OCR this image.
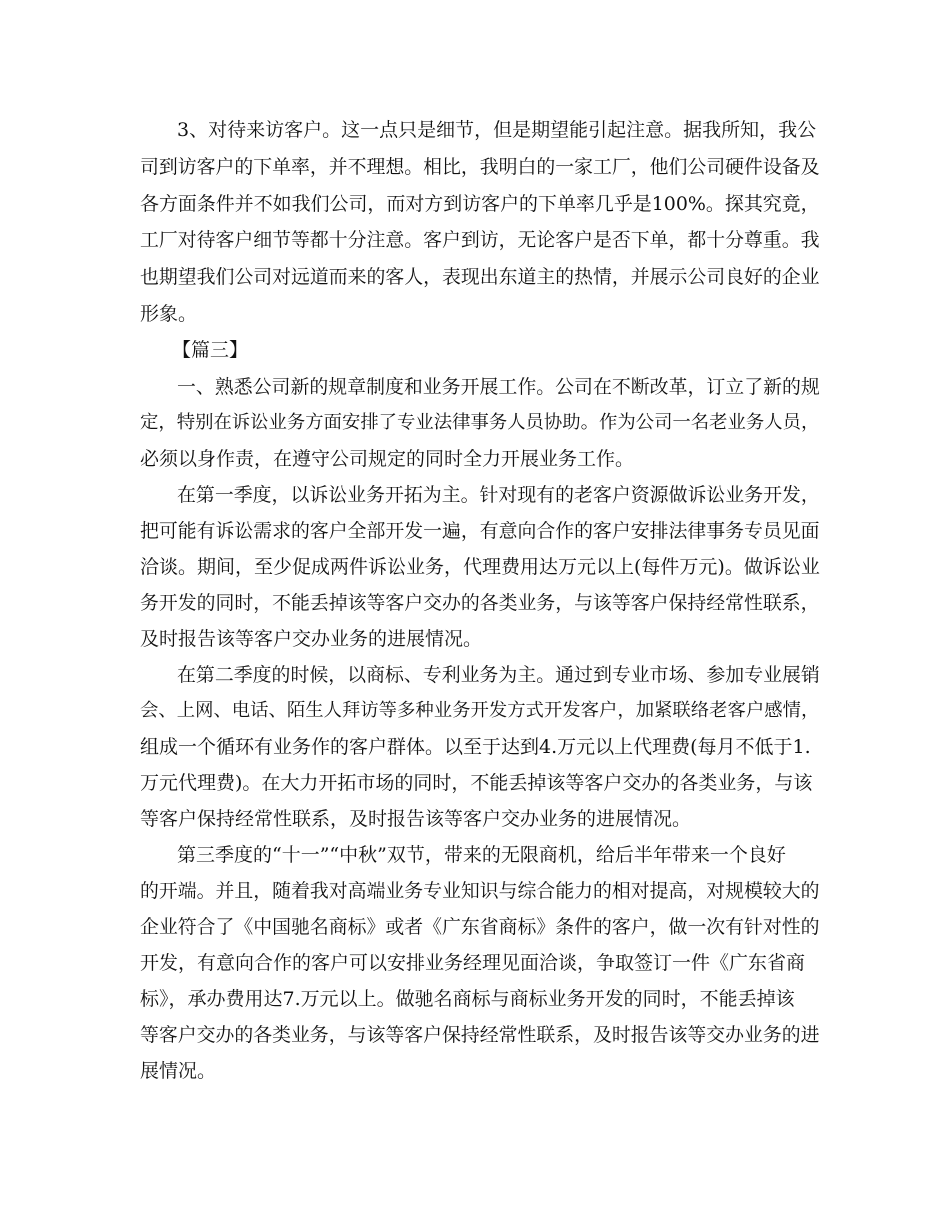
3、对待来访客户。这一点只是细节，但是期望能引起注意。据我所知，我公
司到访客户的下单率，并不理想。相比，我明白的一家工厂，他们公司硬件设备及
各方面条件并不如我们公司，而对方到访客户的下单率几乎是100%。探其究竟，
工厂对待客户细节等都十分注意。客户到访，无论客户是否下单，都十分尊重。我
也期望我们公司对远道而来的客人，表现出东道主的热情，并展示公司良好的企业
形象。
【篇三】
一、熟悉公司新的规章制度和业务开展工作。公司在不断改革，订立了新的规
定，特别在诉讼业务方面安排了专业法律事务人员协助。作为公司一名老业务人员，
必须以身作责，在遵守公司规定的同时全力开展业务工作。
在第一季度，以诉讼业务开拓为主。针对现有的老客户资源做诉讼业务开发，
把可能有诉讼需求的客户全部开发一遍，有意向合作的客户安排法律事务专员见面
洽谈。期间，至少促成两件诉讼业务，代理费用达万元以上(每件万元)。做诉讼业
务开发的同时，不能丢掉该等客户交办的各类业务，与该等客户保持经常性联系，
及时报告该等客户交办业务的进展情况。
在第二季度的时候，以商标、专利业务为主。通过到专业市场、参加专业展销
会、上网、电话、陌生人拜访等多种业务开发方式开发客户，加紧联络老客户感情，
组成一个循环有业务作的客户群体。以至于达到4.万元以上代理费(每月不低于1.
万元代理费)。在大力开拓市场的同时，不能丢掉该等客户交办的各类业务，与该
等客户保持经常性联系，及时报告该等客户交办业务的进展情况。
第三季度的“十一”“中秋”双节，带来的无限商机，给后半年带来一个良好
的开端。并且，随着我对高端业务专业知识与综合能力的相对提高，对规模较大的
企业符合了《中国驰名商标》或者《广东省商标》条件的客户，做一次有针对性的
开发，有意向合作的客户可以安排业务经理见面洽谈，争取签订一件《广东省商
标》，承办费用达7.万元以上。做驰名商标与商标业务开发的同时，不能丢掉该
等客户交办的各类业务，与该等客户保持经常性联系，及时报告该等交办业务的进
展情况。
